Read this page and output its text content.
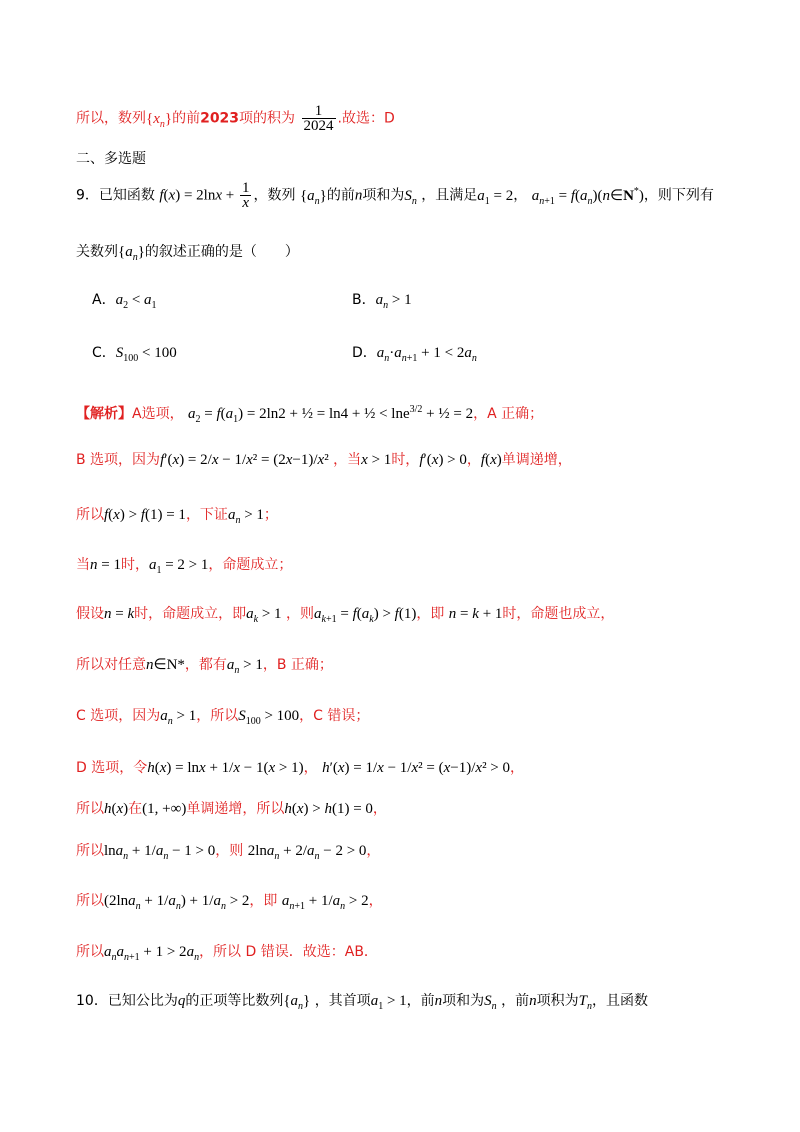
所以，数列$\{x_n\}$的前2023项的积为 $\frac{1}{2024}$ .故选：D
二、多选题
9．已知函数 $f(x) = 2\ln x + \frac{1}{x}$ ，数列 $\{a_n\}$的前n项和为$S_n$ ，且满足$a_1 = 2$， $a_{n+1}$ = $f(a_n)(n\in N^*)$，则下列有
关数列$\{a_n\}$的叙述正确的是（　　）
A．$a_2 < a_1$	B．$a_n > 1$
C．$S_{100} < 100$	D．$a_n\cdot a_{n+1} + 1 < 2a_n$
【解析】A选项， $a_2 = f(a_1) = 2\ln 2$ + ½ = ln4 + ½ < lne$^{3/2}$ + ½ = 2，A 正确；
B 选项，因为f′(x) = 2/x − 1/x² = (2x−1)/x² ，当x > 1时，f′(x) > 0，f(x)单调递增，
所以f(x) > f(1) = 1，下证$a_n > 1$；
当n = 1时，$a_1 = 2 > 1$，命题成立；
假设n = k时，命题成立，即$a_k > 1$ ，则$a_{k+1} = f(a_k) > f(1)$，即 n = k + 1时，命题也成立，
所以对任意n∈N*，都有$a_n > 1$，B 正确；
C 选项，因为$a_n > 1$，所以$S_{100} > 100$，C 错误；
D 选项，令h(x) = lnx + 1/x − 1(x > 1)， h′(x) = 1/x − 1/x² = (x−1)/x² > 0，
所以h(x)在(1, +∞)单调递增，所以h(x) > h(1) = 0，
所以$\ln a_n + 1/a_n - 1 > 0$，则 $2\ln a_n + 2/a_n - 2 > 0$，
所以$(2\ln a_n + 1/a_n) + 1/a_n > 2$，即 $a_{n+1} + 1/a_n > 2$，
所以$a_na_{n+1} + 1 > 2a_n$，所以 D 错误．故选：AB．
10．已知公比为q的正项等比数列$\{a_n\}$ ，其首项$a_1 > 1$，前n项和为$S_n$ ，前n项积为$T_n$，且函数
